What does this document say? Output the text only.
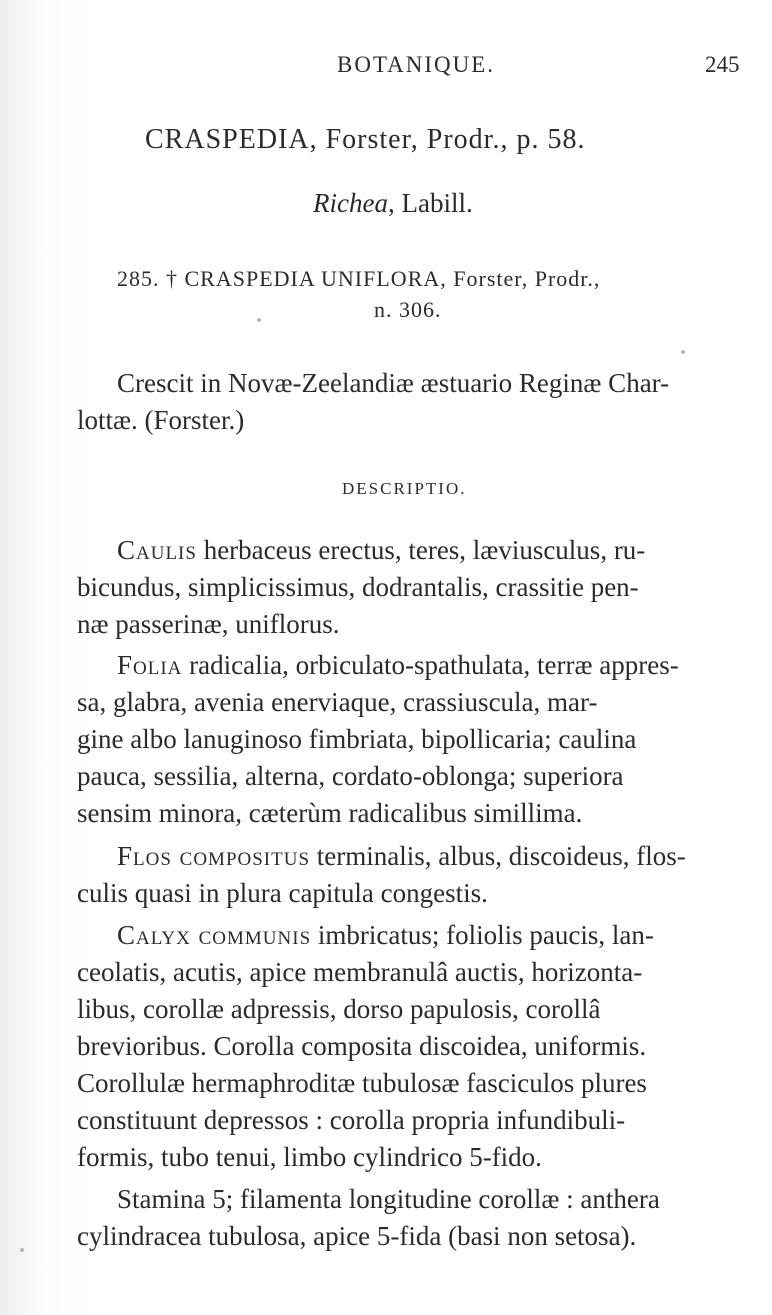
BOTANIQUE.	245
CRASPEDIA, Forster, Prodr., p. 58.
Richea, Labill.
285. † CRASPEDIA UNIFLORA, Forster, Prodr.,
n. 306.
Crescit in Novæ-Zeelandiæ æstuario Reginæ Char-
lottæ. (Forster.)
DESCRIPTIO.
Caulis herbaceus erectus, teres, læviusculus, ru-
bicundus, simplicissimus, dodrantalis, crassitie pen-
næ passerinæ, uniflorus.
Folia radicalia, orbiculato-spathulata, terræ appres-
sa, glabra, avenia enerviaque, crassiuscula, mar-
gine albo lanuginoso fimbriata, bipollicaria; caulina
pauca, sessilia, alterna, cordato-oblonga; superiora
sensim minora, cæterùm radicalibus simillima.
Flos compositus terminalis, albus, discoideus, flos-
culis quasi in plura capitula congestis.
Calyx communis imbricatus; foliolis paucis, lan-
ceolatis, acutis, apice membranulâ auctis, horizonta-
libus, corollæ adpressis, dorso papulosis, corollâ
brevioribus. Corolla composita discoidea, uniformis.
Corollulæ hermaphroditæ tubulosæ fasciculos plures
constituunt depressos : corolla propria infundibuli-
formis, tubo tenui, limbo cylindrico 5-fido.
Stamina 5; filamenta longitudine corollæ : anthera
cylindracea tubulosa, apice 5-fida (basi non setosa).
